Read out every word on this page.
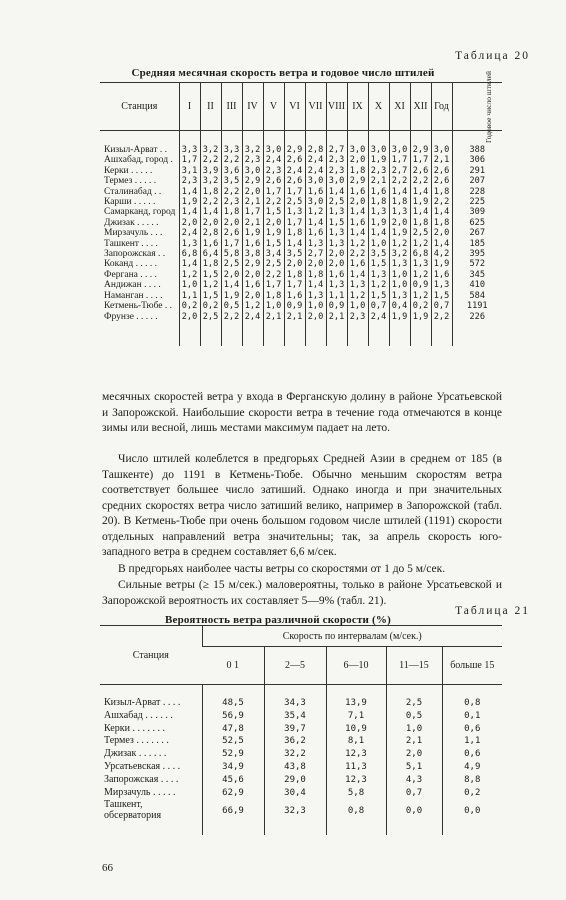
Таблица 20
Средняя месячная скорость ветра и годовое число штилей
Станция	I	II	III	IV	V	VI	VII	VIII	IX	X	XI	XII	Год	Годовое число штилей

Кизыл-Арват . .	3,3	3,2	3,3	3,2	3,0	2,9	2,8	2,7	3,0	3,0	3,0	2,9	3,0	388
Ашхабад, город .	1,7	2,2	2,2	2,3	2,4	2,6	2,4	2,3	2,0	1,9	1,7	1,7	2,1	306
Керки . . . . .	3,1	3,9	3,6	3,0	2,3	2,4	2,4	2,3	1,8	2,3	2,7	2,6	2,6	291
Термез . . . . .	2,3	3,2	3,5	2,9	2,6	2,6	3,0	3,0	2,9	2,1	2,2	2,2	2,6	207
Сталинабад . .	1,4	1,8	2,2	2,0	1,7	1,7	1,6	1,4	1,6	1,6	1,4	1,4	1,8	228
Карши . . . . .	1,9	2,2	2,3	2,1	2,2	2,5	3,0	2,5	2,0	1,8	1,8	1,9	2,2	225
Самарканд, город	1,4	1,4	1,8	1,7	1,5	1,3	1,2	1,3	1,4	1,3	1,3	1,4	1,4	309
Джизак . . . . .	2,0	2,0	2,0	2,1	2,0	1,7	1,4	1,5	1,6	1,9	2,0	1,8	1,8	625
Мирзачуль . . .	2,4	2,8	2,6	1,9	1,9	1,8	1,6	1,3	1,4	1,4	1,9	2,5	2,0	267
Ташкент . . . .	1,3	1,6	1,7	1,6	1,5	1,4	1,3	1,3	1,2	1,0	1,2	1,2	1,4	185
Запорожская . .	6,8	6,4	5,8	3,8	3,4	3,5	2,7	2,0	2,2	3,5	3,2	6,8	4,2	395
Коканд . . . . .	1,4	1,8	2,5	2,9	2,5	2,0	2,0	2,0	1,6	1,5	1,3	1,3	1,9	572
Фергана . . . .	1,2	1,5	2,0	2,0	2,2	1,8	1,8	1,6	1,4	1,3	1,0	1,2	1,6	345
Андижан . . . .	1,0	1,2	1,4	1,6	1,7	1,7	1,4	1,3	1,3	1,2	1,0	0,9	1,3	410
Наманган . . . .	1,1	1,5	1,9	2,0	1,8	1,6	1,3	1,1	1,2	1,5	1,3	1,2	1,5	584
Кетмень-Тюбе . .	0,2	0,2	0,5	1,2	1,0	0,9	1,0	0,9	1,0	0,7	0,4	0,2	0,7	1191
Фрунзе . . . . .	2,0	2,5	2,2	2,4	2,1	2,1	2,0	2,1	2,3	2,4	1,9	1,9	2,2	226

месячных скоростей ветра у входа в Ферганскую долину в районе Урсатьевской и Запорожской. Наибольшие скорости ветра в течение года отмечаются в конце зимы или весной, лишь местами максимум падает на лето.

Число штилей колеблется в предгорьях Средней Азии в среднем от 185 (в Ташкенте) до 1191 в Кетмень-Тюбе. Обычно меньшим скоростям ветра соответствует большее число затиший. Однако иногда и при значительных средних скоростях ветра число затиший велико, например в Запорожской (табл. 20). В Кетмень-Тюбе при очень большом годовом числе штилей (1191) скорости отдельных направлений ветра значительны; так, за апрель скорость юго-западного ветра в среднем составляет 6,6 м/сек.

В предгорьях наиболее часты ветры со скоростями от 1 до 5 м/сек.

Сильные ветры (≥ 15 м/сек.) маловероятны, только в районе Урсатьевской и Запорожской вероятность их составляет 5—9% (табл. 21).

Таблица 21
Вероятность ветра различной скорости (%)
Станция	Скорость по интервалам (м/сек.)				
	0 1	2—5	6—10	11—15	больше 15

Кизыл-Арват . . . .	48,5	34,3	13,9	2,5	0,8
Ашхабад . . . . . .	56,9	35,4	7,1	0,5	0,1
Керки . . . . . . .	47,8	39,7	10,9	1,0	0,6
Термез . . . . . . .	52,5	36,2	8,1	2,1	1,1
Джизак . . . . . .	52,9	32,2	12,3	2,0	0,6
Урсатьевская . . . .	34,9	43,8	11,3	5,1	4,9
Запорожская . . . .	45,6	29,0	12,3	4,3	8,8
Мирзачуль . . . . .	62,9	30,4	5,8	0,7	0,2
Ташкент, обсерватория	66,9	32,3	0,8	0,0	0,0

66
